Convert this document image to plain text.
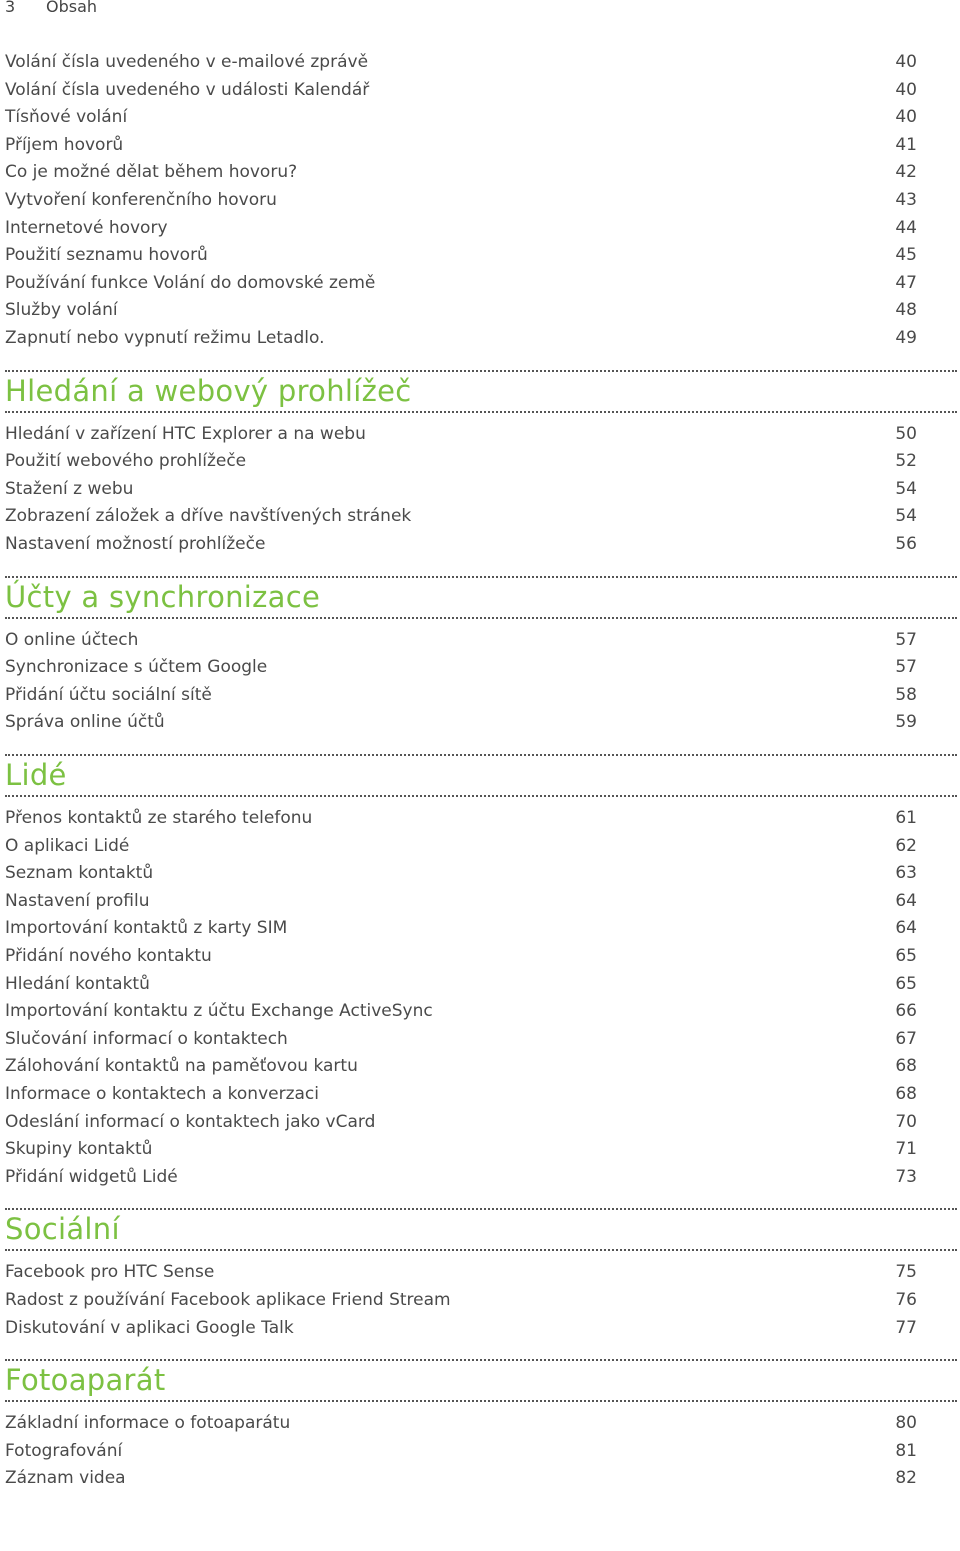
3 Obsah
Volání čísla uvedeného v e-mailové zprávě	40
Volání čísla uvedeného v události Kalendář	40
Tísňové volání	40
Příjem hovorů	41
Co je možné dělat během hovoru?	42
Vytvoření konferenčního hovoru	43
Internetové hovory	44
Použití seznamu hovorů	45
Používání funkce Volání do domovské země	47
Služby volání	48
Zapnutí nebo vypnutí režimu Letadlo.	49
Hledání a webový prohlížeč
Hledání v zařízení HTC Explorer a na webu	50
Použití webového prohlížeče	52
Stažení z webu	54
Zobrazení záložek a dříve navštívených stránek	54
Nastavení možností prohlížeče	56
Účty a synchronizace
O online účtech	57
Synchronizace s účtem Google	57
Přidání účtu sociální sítě	58
Správa online účtů	59
Lidé
Přenos kontaktů ze starého telefonu	61
O aplikaci Lidé	62
Seznam kontaktů	63
Nastavení profilu	64
Importování kontaktů z karty SIM	64
Přidání nového kontaktu	65
Hledání kontaktů	65
Importování kontaktu z účtu Exchange ActiveSync	66
Slučování informací o kontaktech	67
Zálohování kontaktů na paměťovou kartu	68
Informace o kontaktech a konverzaci	68
Odeslání informací o kontaktech jako vCard	70
Skupiny kontaktů	71
Přidání widgetů Lidé	73
Sociální
Facebook pro HTC Sense	75
Radost z používání Facebook aplikace Friend Stream	76
Diskutování v aplikaci Google Talk	77
Fotoaparát
Základní informace o fotoaparátu	80
Fotografování	81
Záznam videa	82
